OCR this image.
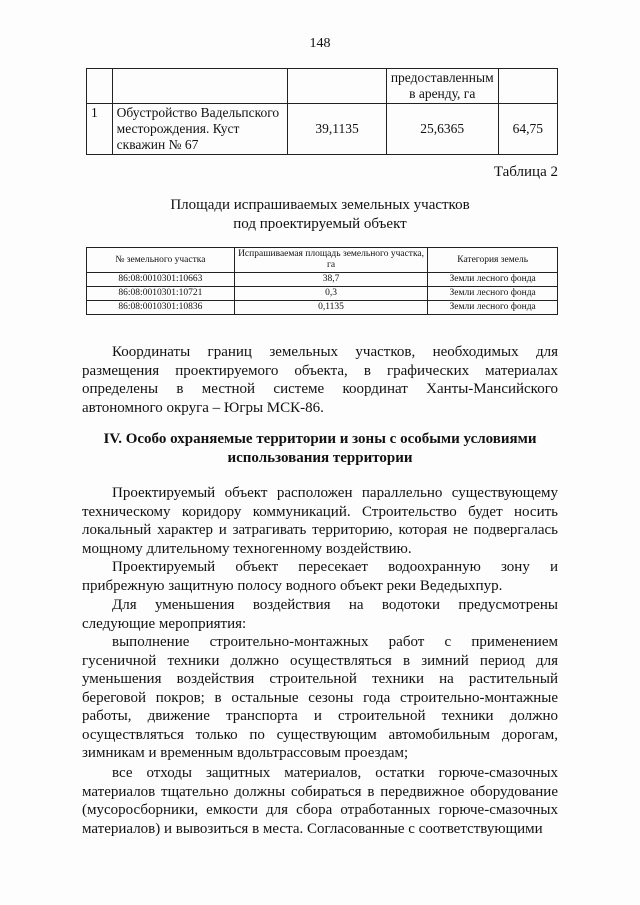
148
			предоставленным в аренду, га	
1	Обустройство Вадельпского месторождения. Куст скважин № 67	39,1135	25,6365	64,75
Таблица 2
Площади испрашиваемых земельных участков
под проектируемый объект
№ земельного участка	Испрашиваемая площадь земельного участка, га	Категория земель
86:08:0010301:10663	38,7	Земли лесного фонда
86:08:0010301:10721	0,3	Земли лесного фонда
86:08:0010301:10836	0,1135	Земли лесного фонда
Координаты границ земельных участков, необходимых для размещения проектируемого объекта, в графических материалах определены в местной системе координат Ханты-Мансийского автономного округа – Югры МСК-86.
IV. Особо охраняемые территории и зоны с особыми условиями использования территории
Проектируемый объект расположен параллельно существующему техническому коридору коммуникаций. Строительство будет носить локальный характер и затрагивать территорию, которая не подвергалась мощному длительному техногенному воздействию.
Проектируемый объект пересекает водоохранную зону и прибрежную защитную полосу водного объект реки Ведедыхпур.
Для уменьшения воздействия на водотоки предусмотрены следующие мероприятия:
выполнение строительно-монтажных работ с применением гусеничной техники должно осуществляться в зимний период для уменьшения воздействия строительной техники на растительный береговой покров; в остальные сезоны года строительно-монтажные работы, движение транспорта и строительной техники должно осуществляться только по существующим автомобильным дорогам, зимникам и временным вдольтрассовым проездам;
все отходы защитных материалов, остатки горюче-смазочных материалов тщательно должны собираться в передвижное оборудование (мусоросборники, емкости для сбора отработанных горюче-смазочных материалов) и вывозиться в места. Согласованные с соответствующими
